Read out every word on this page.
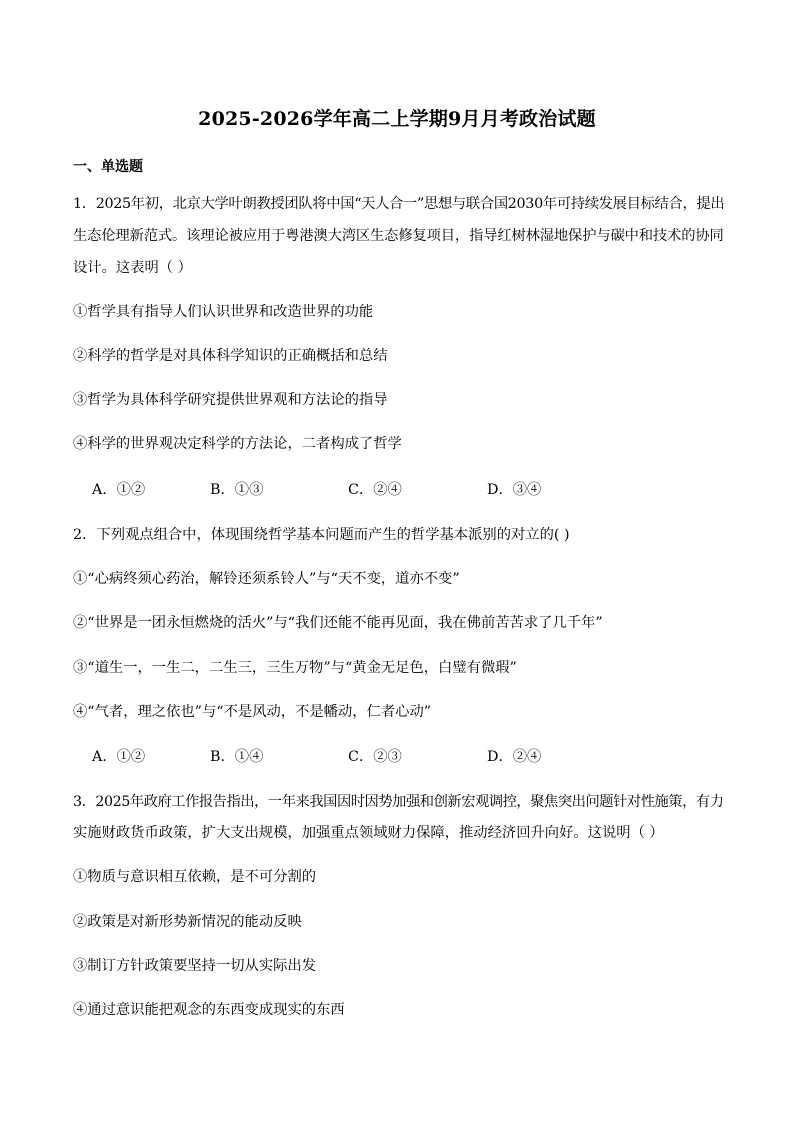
2025-2026学年高二上学期9月月考政治试题
一、单选题
1．2025年初，北京大学叶朗教授团队将中国“天人合一”思想与联合国2030年可持续发展目标结合，提出
生态伦理新范式。该理论被应用于粤港澳大湾区生态修复项目，指导红树林湿地保护与碳中和技术的协同
设计。这表明（ ）
①哲学具有指导人们认识世界和改造世界的功能
②科学的哲学是对具体科学知识的正确概括和总结
③哲学为具体科学研究提供世界观和方法论的指导
④科学的世界观决定科学的方法论，二者构成了哲学
A．①②	B．①③	C．②④	D．③④
2．下列观点组合中，体现围绕哲学基本问题而产生的哲学基本派别的对立的( )
①“心病终须心药治，解铃还须系铃人”与“天不变，道亦不变”
②“世界是一团永恒燃烧的活火”与“我们还能不能再见面，我在佛前苦苦求了几千年”
③“道生一，一生二，二生三，三生万物”与“黄金无足色，白璧有微瑕”
④“气者，理之依也”与“不是风动，不是幡动，仁者心动”
A．①②	B．①④	C．②③	D．②④
3．2025年政府工作报告指出，一年来我国因时因势加强和创新宏观调控，聚焦突出问题针对性施策，有力
实施财政货币政策，扩大支出规模，加强重点领域财力保障，推动经济回升向好。这说明（ ）
①物质与意识相互依赖，是不可分割的
②政策是对新形势新情况的能动反映
③制订方针政策要坚持一切从实际出发
④通过意识能把观念的东西变成现实的东西
